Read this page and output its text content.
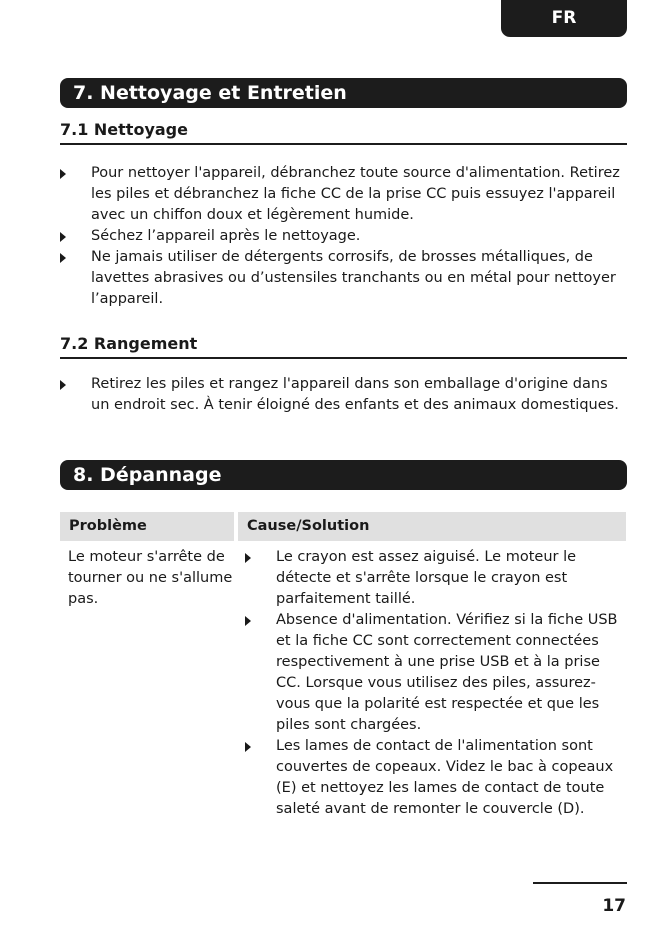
FR
7. Nettoyage et Entretien
7.1 Nettoyage
Pour nettoyer l'appareil, débranchez toute source d'alimentation. Retirez les piles et débranchez la fiche CC de la prise CC puis essuyez l'appareil avec un chiffon doux et légèrement humide.
Séchez l’appareil après le nettoyage.
Ne jamais utiliser de détergents corrosifs, de brosses métalliques, de lavettes abrasives ou d’ustensiles tranchants ou en métal pour nettoyer l’appareil.
7.2 Rangement
Retirez les piles et rangez l'appareil dans son emballage d'origine dans un endroit sec. À tenir éloigné des enfants et des animaux domestiques.
8. Dépannage
Problème	Cause/Solution
Le moteur s'arrête de tourner ou ne s'allume pas.
Le crayon est assez aiguisé. Le moteur le détecte et s'arrête lorsque le crayon est parfaitement taillé.
Absence d'alimentation. Vérifiez si la fiche USB et la fiche CC sont correctement connectées respectivement à une prise USB et à la prise CC. Lorsque vous utilisez des piles, assurez-vous que la polarité est respectée et que les piles sont chargées.
Les lames de contact de l'alimentation sont couvertes de copeaux. Videz le bac à copeaux (E) et nettoyez les lames de contact de toute saleté avant de remonter le couvercle (D).
17
